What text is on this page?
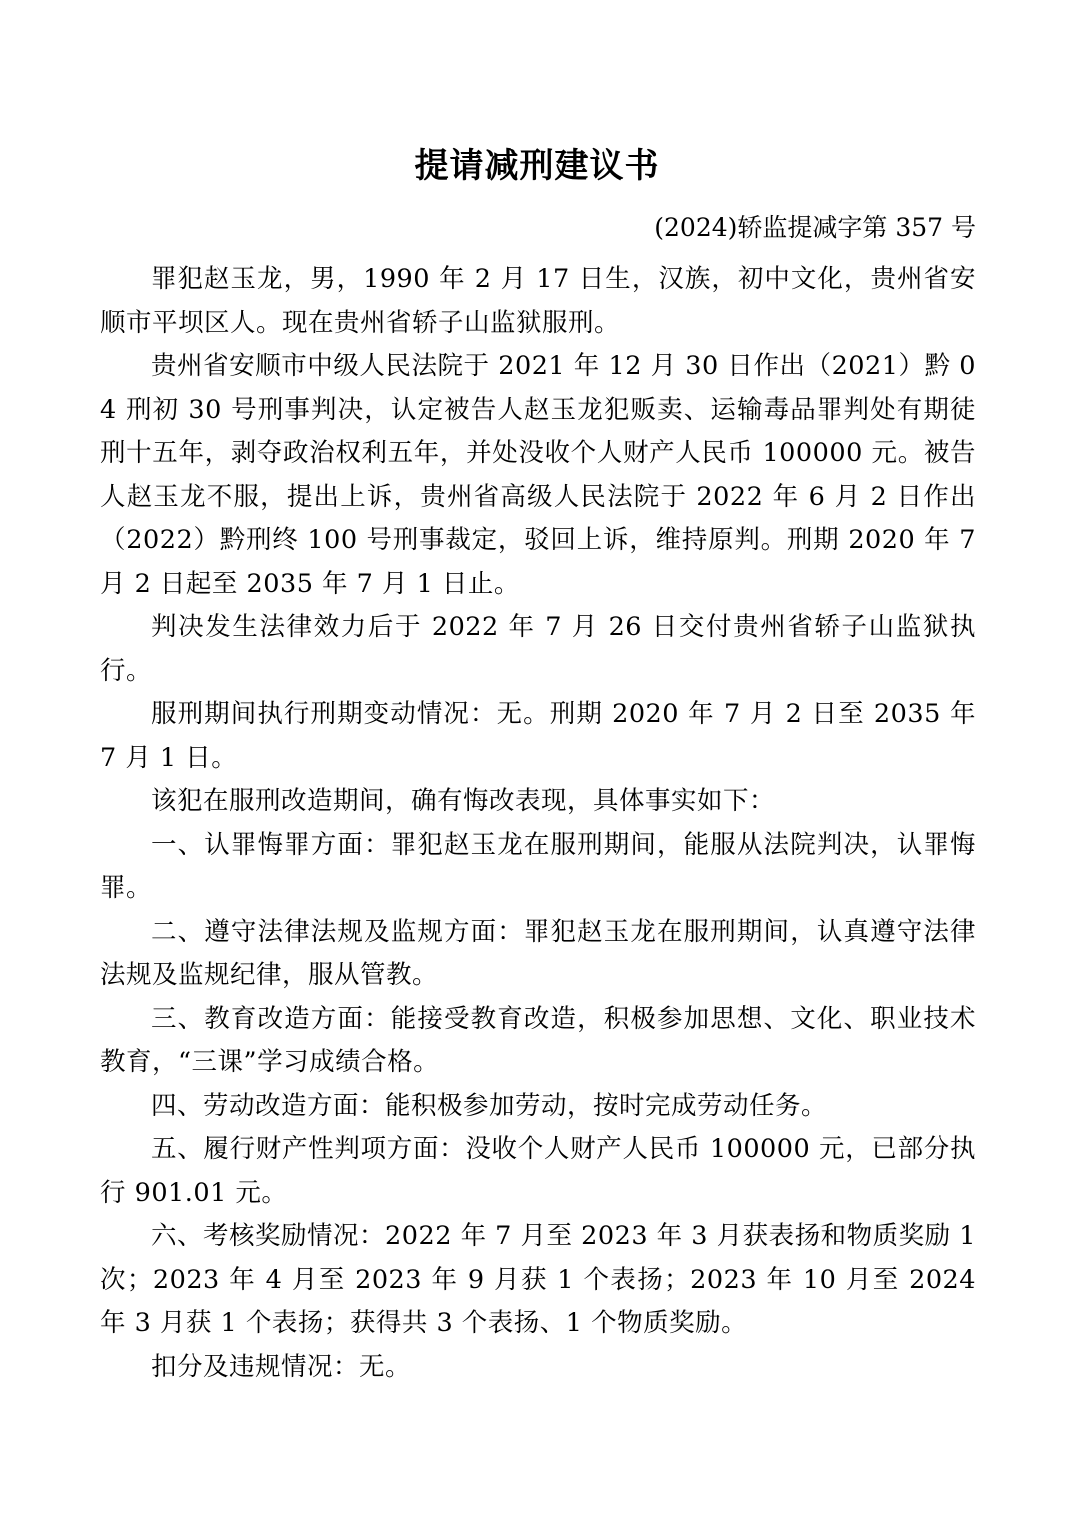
提请减刑建议书

(2024)轿监提减字第 357 号

罪犯赵玉龙，男，1990 年 2 月 17 日生，汉族，初中文化，贵州省安顺市平坝区人。现在贵州省轿子山监狱服刑。

贵州省安顺市中级人民法院于 2021 年 12 月 30 日作出（2021）黔 04 刑初 30 号刑事判决，认定被告人赵玉龙犯贩卖、运输毒品罪判处有期徒刑十五年，剥夺政治权利五年，并处没收个人财产人民币 100000 元。被告人赵玉龙不服，提出上诉，贵州省高级人民法院于 2022 年 6 月 2 日作出（2022）黔刑终 100 号刑事裁定，驳回上诉，维持原判。刑期 2020 年 7 月 2 日起至 2035 年 7 月 1 日止。

判决发生法律效力后于 2022 年 7 月 26 日交付贵州省轿子山监狱执行。

服刑期间执行刑期变动情况：无。刑期 2020 年 7 月 2 日至 2035 年 7 月 1 日。

该犯在服刑改造期间，确有悔改表现，具体事实如下：

一、认罪悔罪方面：罪犯赵玉龙在服刑期间，能服从法院判决，认罪悔罪。

二、遵守法律法规及监规方面：罪犯赵玉龙在服刑期间，认真遵守法律法规及监规纪律，服从管教。

三、教育改造方面：能接受教育改造，积极参加思想、文化、职业技术教育，“三课”学习成绩合格。

四、劳动改造方面：能积极参加劳动，按时完成劳动任务。

五、履行财产性判项方面：没收个人财产人民币 100000 元，已部分执行 901.01 元。

六、考核奖励情况：2022 年 7 月至 2023 年 3 月获表扬和物质奖励 1 次；2023 年 4 月至 2023 年 9 月获 1 个表扬；2023 年 10 月至 2024 年 3 月获 1 个表扬；获得共 3 个表扬、1 个物质奖励。

扣分及违规情况：无。
